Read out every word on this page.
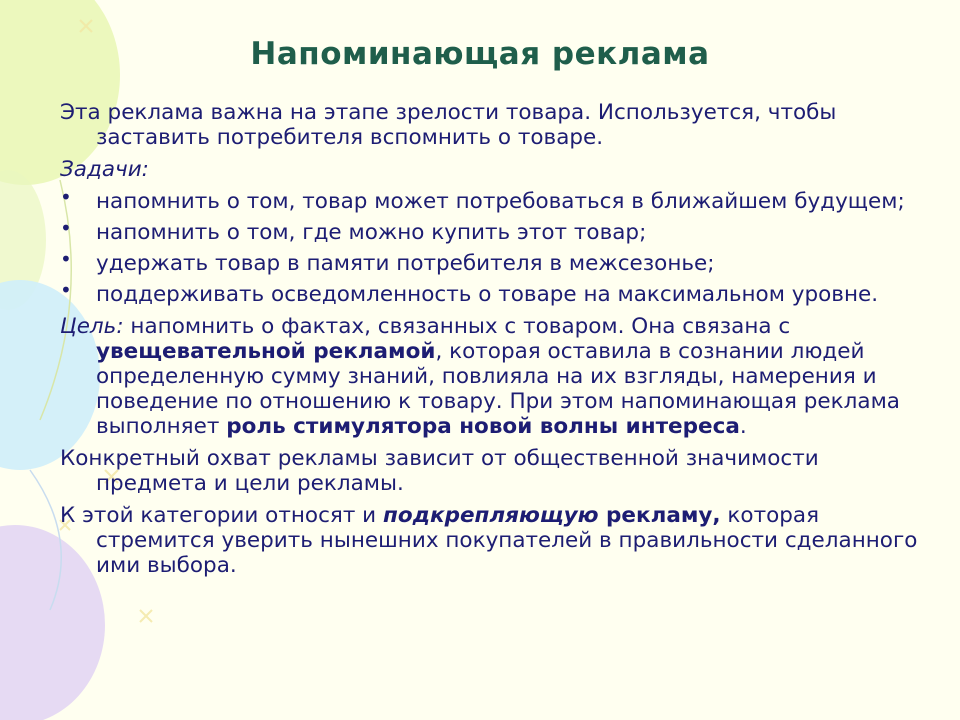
Напоминающая реклама
Эта реклама важна на этапе зрелости товара. Используется, чтобы заставить потребителя вспомнить о товаре.
Задачи:
• напомнить о том, товар может потребоваться в ближайшем будущем;
• напомнить о том, где можно купить этот товар;
• удержать товар в памяти потребителя в межсезонье;
• поддерживать осведомленность о товаре на максимальном уровне.
Цель: напомнить о фактах, связанных с товаром. Она связана с увещевательной рекламой, которая оставила в сознании людей определенную сумму знаний, повлияла на их взгляды, намерения и поведение по отношению к товару. При этом напоминающая реклама выполняет роль стимулятора новой волны интереса.
Конкретный охват рекламы зависит от общественной значимости предмета и цели рекламы.
К этой категории относят и подкрепляющую рекламу, которая стремится уверить нынешних покупателей в правильности сделанного ими выбора.
